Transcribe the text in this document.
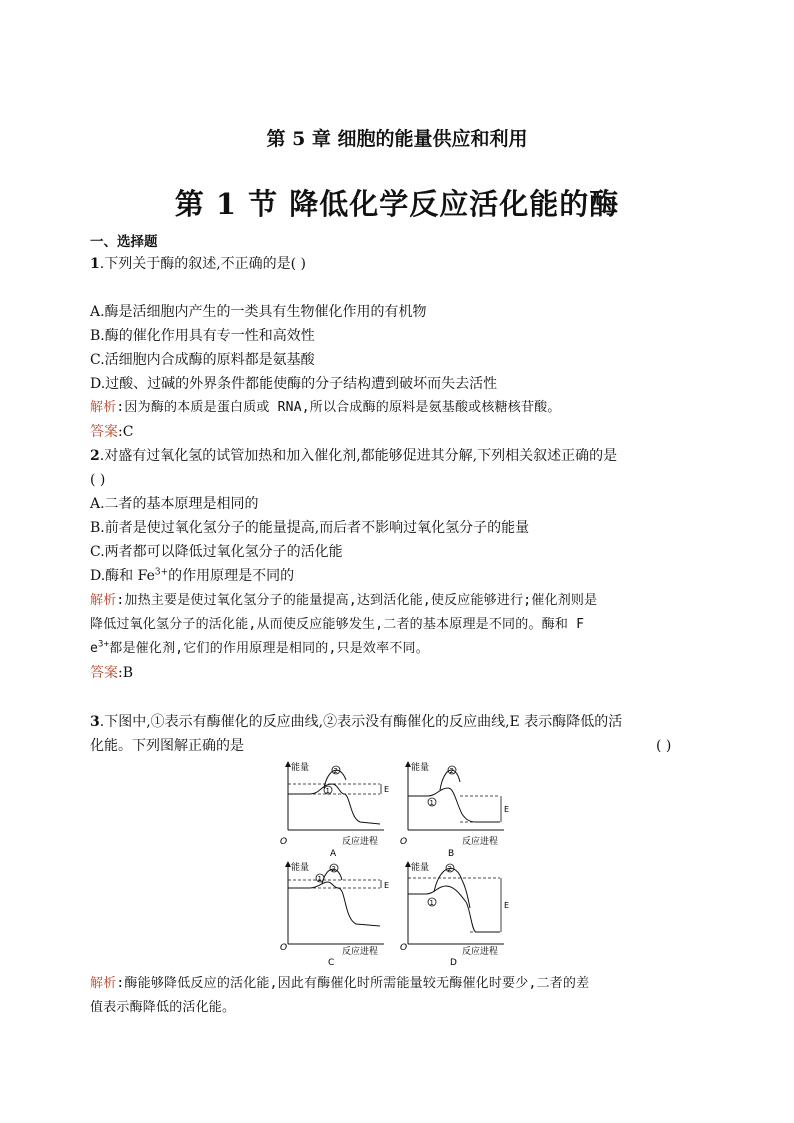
第 5 章 细胞的能量供应和利用
第 1 节 降低化学反应活化能的酶
一、选择题
1.下列关于酶的叙述,不正确的是( )
A.酶是活细胞内产生的一类具有生物催化作用的有机物
B.酶的催化作用具有专一性和高效性
C.活细胞内合成酶的原料都是氨基酸
D.过酸、过碱的外界条件都能使酶的分子结构遭到破坏而失去活性
解析:因为酶的本质是蛋白质或 RNA,所以合成酶的原料是氨基酸或核糖核苷酸。
答案:C
2.对盛有过氧化氢的试管加热和加入催化剂,都能够促进其分解,下列相关叙述正确的是
( )
A.二者的基本原理是相同的
B.前者是使过氧化氢分子的能量提高,而后者不影响过氧化氢分子的能量
C.两者都可以降低过氧化氢分子的活化能
D.酶和 $Fe^{3+}$的作用原理是不同的
解析:加热主要是使过氧化氢分子的能量提高,达到活化能,使反应能够进行;催化剂则是
降低过氧化氢分子的活化能,从而使反应能够发生,二者的基本原理是不同的。酶和 F
$e^{3+}$都是催化剂,它们的作用原理是相同的,只是效率不同。
答案:B
3.下图中,①表示有酶催化的反应曲线,②表示没有酶催化的反应曲线,E 表示酶降低的活
化能。下列图解正确的是	( )
能量
O
2
1	E
A
能量
O
2
1
E
反应进程
B
能量
O
2
1
E
反应进程
C
能量
O
2
1	E
反应进程
D
反应进程
解析:酶能够降低反应的活化能,因此有酶催化时所需能量较无酶催化时要少,二者的差
值表示酶降低的活化能。
